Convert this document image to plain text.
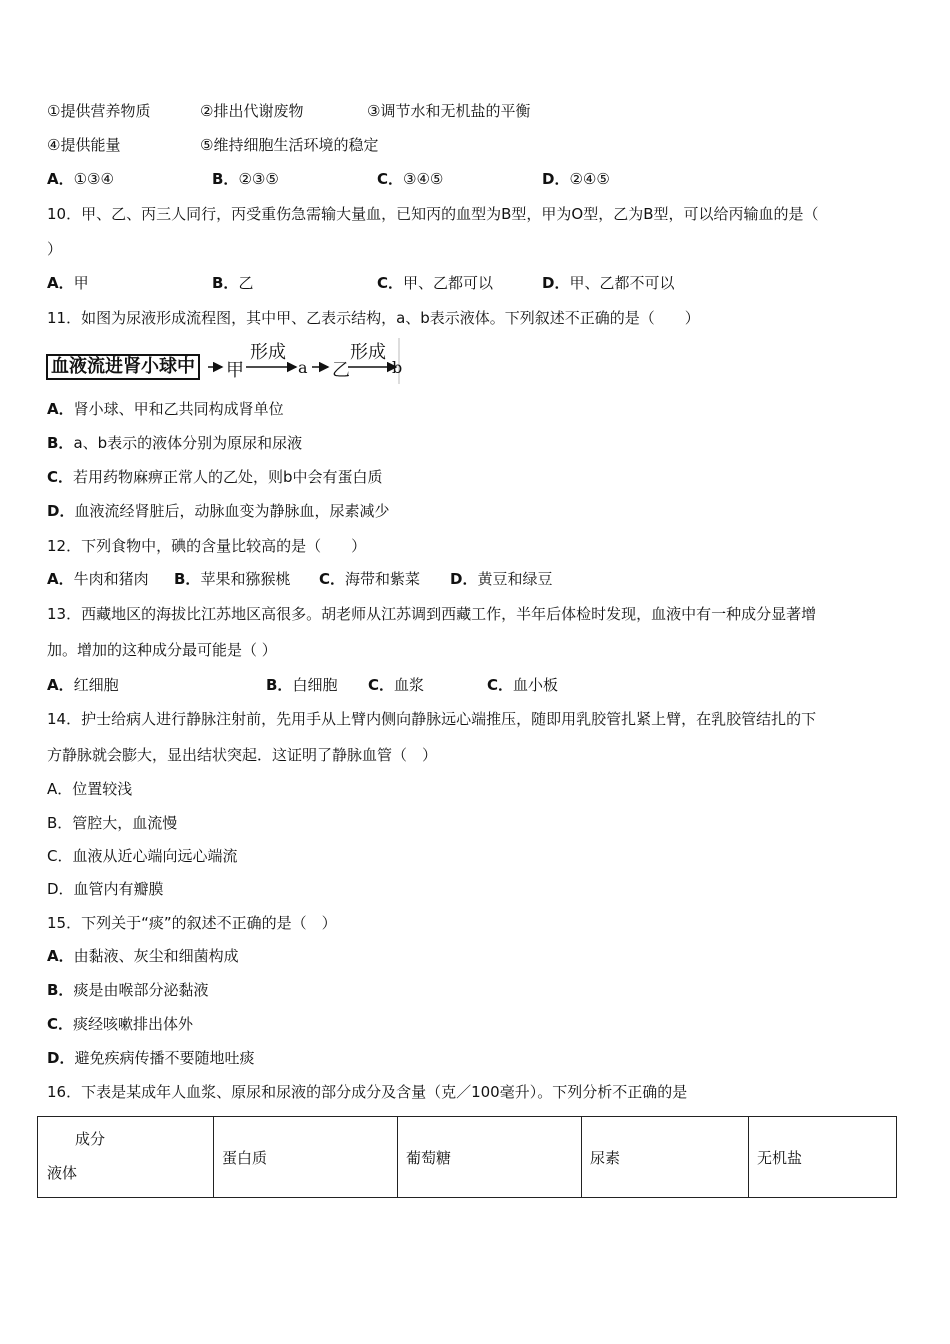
①提供营养物质	②排出代谢废物	③调节水和无机盐的平衡
④提供能量	⑤维持细胞生活环境的稳定
A．①③④	B．②③⑤	C．③④⑤	D．②④⑤
10．甲、乙、丙三人同行，丙受重伤急需输大量血，已知丙的血型为B型，甲为O型，乙为B型，可以给丙输血的是（
）
A．甲	B．乙	C．甲、乙都可以	D．甲、乙都不可以
11．如图为尿液形成流程图，其中甲、乙表示结构，a、b表示液体。下列叙述不正确的是（　　）
血液流进肾小球中 甲
形成
a 乙
形成
b
A．肾小球、甲和乙共同构成肾单位
B．a、b表示的液体分别为原尿和尿液
C．若用药物麻痹正常人的乙处，则b中会有蛋白质
D．血液流经肾脏后，动脉血变为静脉血，尿素减少
12．下列食物中，碘的含量比较高的是（　　）
A．牛肉和猪肉 B．苹果和猕猴桃 C．海带和紫菜 D．黄豆和绿豆
13．西藏地区的海拔比江苏地区高很多。胡老师从江苏调到西藏工作，半年后体检时发现，血液中有一种成分显著增
加。增加的这种成分最可能是（ ）
A．红细胞	B．白细胞 C．血浆	C．血小板
14．护士给病人进行静脉注射前，先用手从上臂内侧向静脉远心端推压，随即用乳胶管扎紧上臂，在乳胶管结扎的下
方静脉就会膨大，显出结状突起．这证明了静脉血管（　）
A．位置较浅
B．管腔大，血流慢
C．血液从近心端向远心端流
D．血管内有瓣膜
15．下列关于“痰”的叙述不正确的是（　）
A．由黏液、灰尘和细菌构成
B．痰是由喉部分泌黏液
C．痰经咳嗽排出体外
D．避免疾病传播不要随地吐痰
16．下表是某成年人血浆、原尿和尿液的部分成分及含量（克／100毫升）。下列分析不正确的是
成分
液体
	蛋白质	葡萄糖	尿素	无机盐
